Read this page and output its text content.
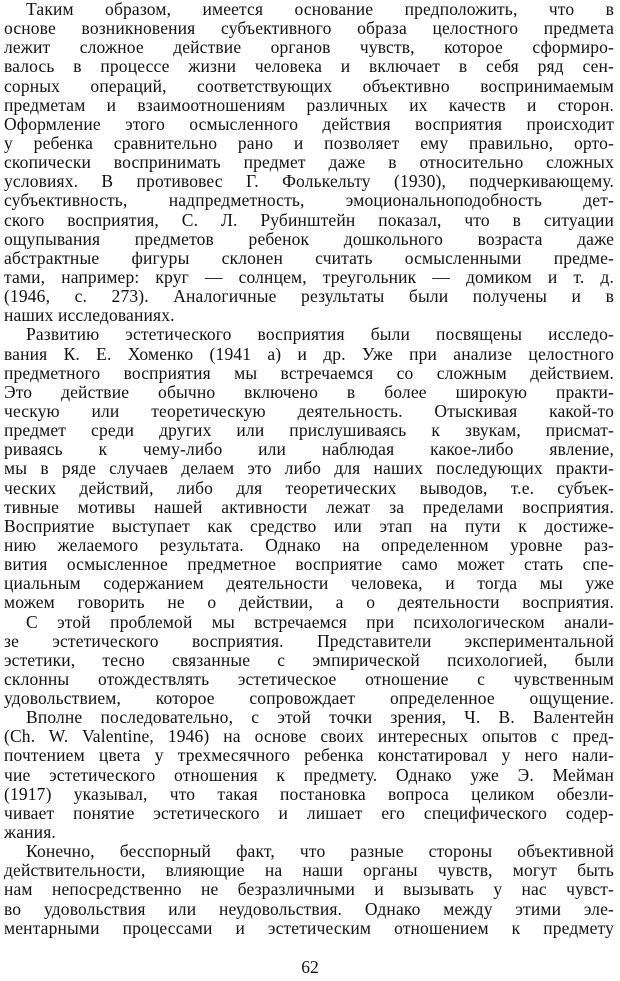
Таким образом, имеется основание предположить, что в
основе возникновения субъективного образа целостного предмета
лежит сложное действие органов чувств, которое сформиро-
валось в процессе жизни человека и включает в себя ряд сен-
сорных операций, соответствующих объективно воспринимаемым
предметам и взаимоотношениям различных их качеств и сторон.
Оформление этого осмысленного действия восприятия происходит
у ребенка сравнительно рано и позволяет ему правильно, орто-
скопически воспринимать предмет даже в относительно сложных
условиях. В противовес Г. Фолькельту (1930), подчеркивающему.
субъективность, надпредметность, эмоциональноподобность дет-
ского восприятия, С. Л. Рубинштейн показал, что в ситуации
ощупывания предметов ребенок дошкольного возраста даже
абстрактные фигуры склонен считать осмысленными предме-
тами, например: круг — солнцем, треугольник — домиком и т. д.
(1946, с. 273). Аналогичные результаты были получены и в
наших исследованиях.
Развитию эстетического восприятия были посвящены исследо-
вания К. Е. Хоменко (1941 а) и др. Уже при анализе целостного
предметного восприятия мы встречаемся со сложным действием.
Это действие обычно включено в более широкую практи-
ческую или теоретическую деятельность. Отыскивая какой-то
предмет среди других или прислушиваясь к звукам, присмат-
риваясь к чему-либо или наблюдая какое-либо явление,
мы в ряде случаев делаем это либо для наших последующих практи-
ческих действий, либо для теоретических выводов, т.е. субъек-
тивные мотивы нашей активности лежат за пределами восприятия.
Восприятие выступает как средство или этап на пути к достиже-
нию желаемого результата. Однако на определенном уровне раз-
вития осмысленное предметное восприятие само может стать спе-
циальным содержанием деятельности человека, и тогда мы уже
можем говорить не о действии, а о деятельности восприятия.
С этой проблемой мы встречаемся при психологическом анали-
зе эстетического восприятия. Представители экспериментальной
эстетики, тесно связанные с эмпирической психологией, были
склонны отождествлять эстетическое отношение с чувственным
удовольствием, которое сопровождает определенное ощущение.
Вполне последовательно, с этой точки зрения, Ч. В. Валентейн
(Ch. W. Valentine, 1946) на основе своих интересных опытов с пред-
почтением цвета у трехмесячного ребенка констатировал у него нали-
чие эстетического отношения к предмету. Однако уже Э. Мейман
(1917) указывал, что такая постановка вопроса целиком обезли-
чивает понятие эстетического и лишает его специфического содер-
жания.
Конечно, бесспорный факт, что разные стороны объективной
действительности, влияющие на наши органы чувств, могут быть
нам непосредственно не безразличными и вызывать у нас чувст-
во удовольствия или неудовольствия. Однако между этими эле-
ментарными процессами и эстетическим отношением к предмету
62
